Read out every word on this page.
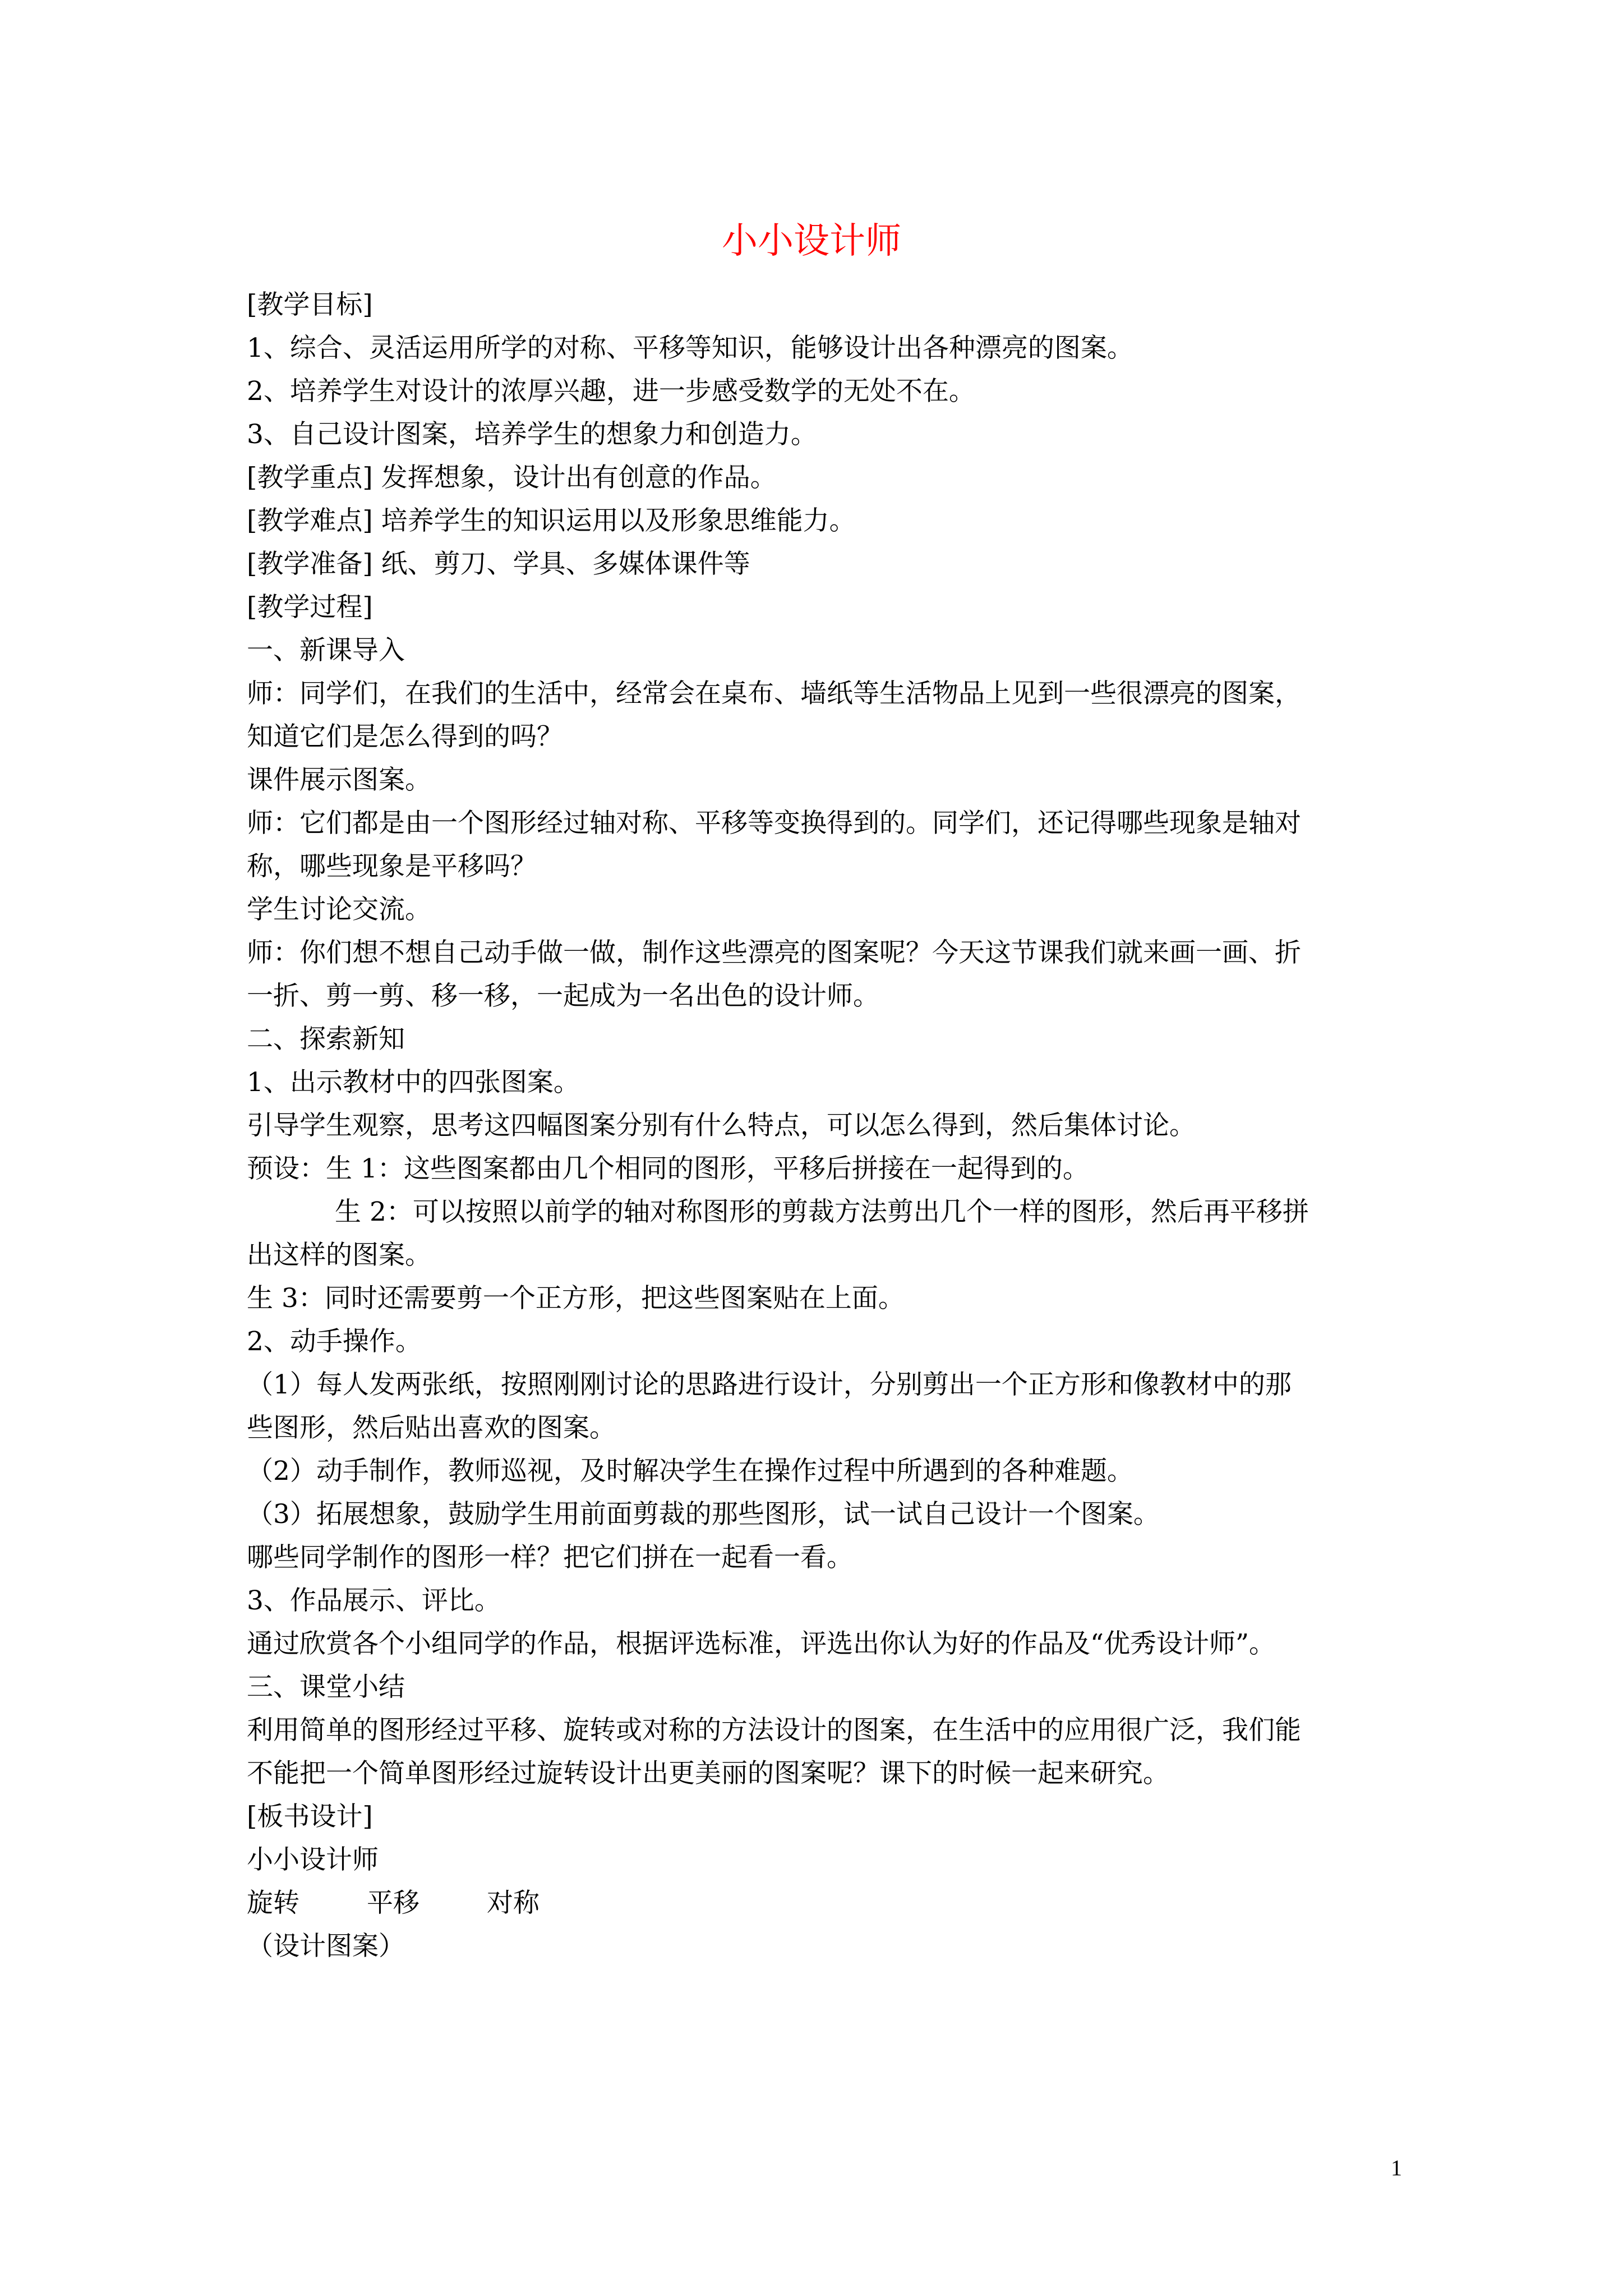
小小设计师
[教学目标]
1、综合、灵活运用所学的对称、平移等知识，能够设计出各种漂亮的图案。
2、培养学生对设计的浓厚兴趣，进一步感受数学的无处不在。
3、自己设计图案，培养学生的想象力和创造力。
[教学重点] 发挥想象，设计出有创意的作品。
[教学难点] 培养学生的知识运用以及形象思维能力。
[教学准备] 纸、剪刀、学具、多媒体课件等
[教学过程]
一、新课导入
师：同学们，在我们的生活中，经常会在桌布、墙纸等生活物品上见到一些很漂亮的图案，
知道它们是怎么得到的吗？
课件展示图案。
师：它们都是由一个图形经过轴对称、平移等变换得到的。同学们，还记得哪些现象是轴对
称，哪些现象是平移吗？
学生讨论交流。
师：你们想不想自己动手做一做，制作这些漂亮的图案呢？今天这节课我们就来画一画、折
一折、剪一剪、移一移，一起成为一名出色的设计师。
二、探索新知
1、出示教材中的四张图案。
引导学生观察，思考这四幅图案分别有什么特点，可以怎么得到，然后集体讨论。
预设：生 1：这些图案都由几个相同的图形，平移后拼接在一起得到的。
生 2：可以按照以前学的轴对称图形的剪裁方法剪出几个一样的图形，然后再平移拼
出这样的图案。
生 3：同时还需要剪一个正方形，把这些图案贴在上面。
2、动手操作。
（1）每人发两张纸，按照刚刚讨论的思路进行设计，分别剪出一个正方形和像教材中的那
些图形，然后贴出喜欢的图案。
（2）动手制作，教师巡视，及时解决学生在操作过程中所遇到的各种难题。
（3）拓展想象，鼓励学生用前面剪裁的那些图形，试一试自己设计一个图案。
哪些同学制作的图形一样？把它们拼在一起看一看。
3、作品展示、评比。
通过欣赏各个小组同学的作品，根据评选标准，评选出你认为好的作品及“优秀设计师”。
三、课堂小结
利用简单的图形经过平移、旋转或对称的方法设计的图案，在生活中的应用很广泛，我们能
不能把一个简单图形经过旋转设计出更美丽的图案呢？课下的时候一起来研究。
[板书设计]
小小设计师
旋转	平移	对称
（设计图案）
1
